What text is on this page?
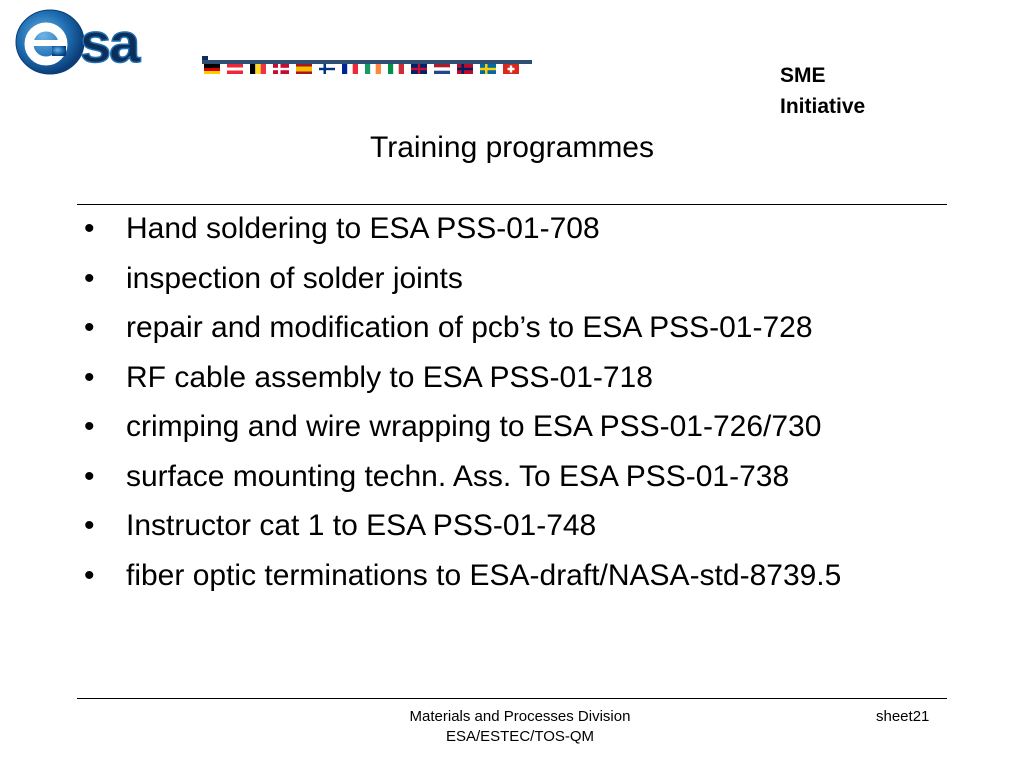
sa
SME
Initiative
Training programmes
• Hand soldering to ESA PSS-01-708
• inspection of solder joints
• repair and modification of pcb’s to ESA PSS-01-728
• RF cable assembly to ESA PSS-01-718
• crimping and wire wrapping to ESA PSS-01-726/730
• surface mounting techn. Ass. To ESA PSS-01-738
• Instructor cat 1 to ESA PSS-01-748
• fiber optic terminations to ESA-draft/NASA-std-8739.5
Materials and Processes Division
ESA/ESTEC/TOS-QM
sheet21
